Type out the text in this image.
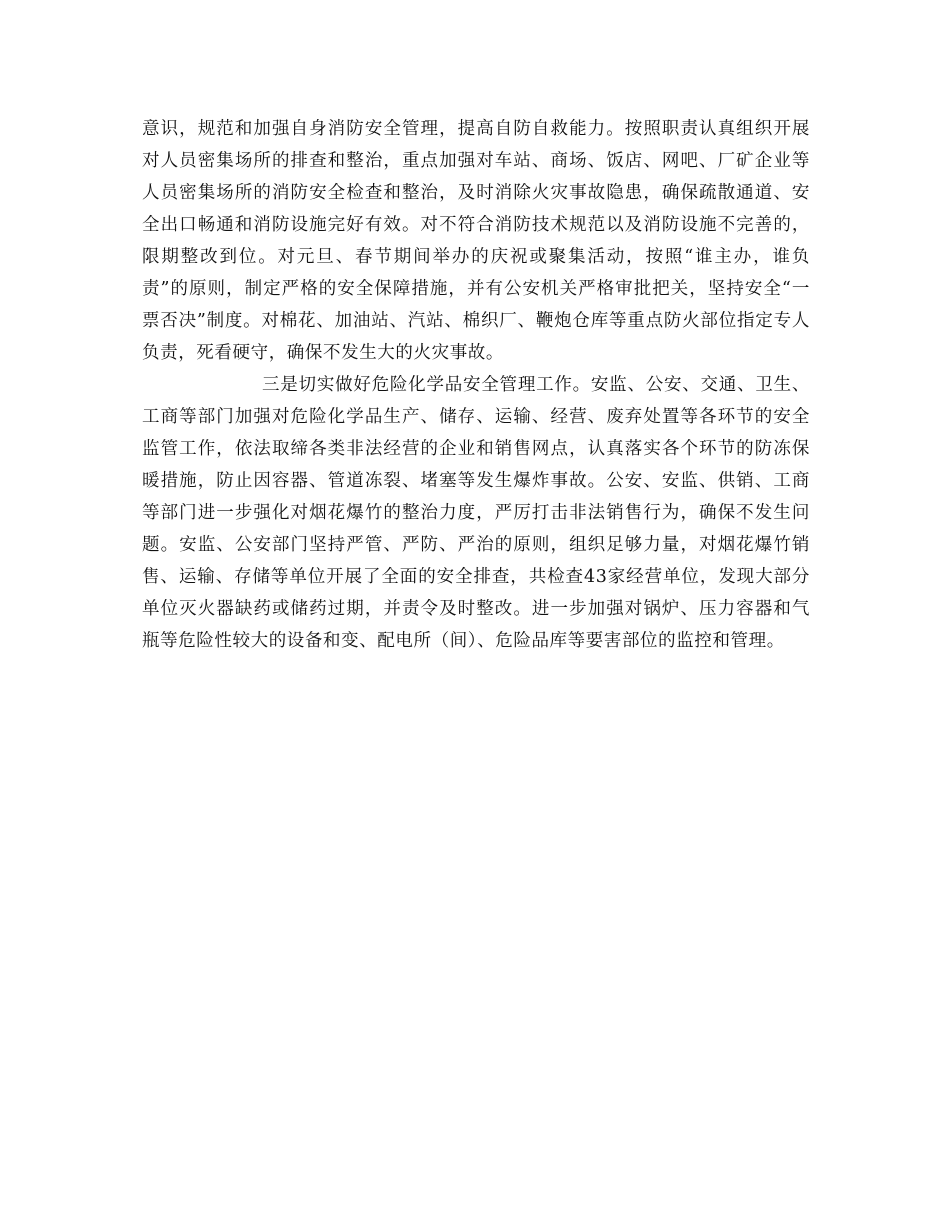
意识，规范和加强自身消防安全管理，提高自防自救能力。按照职责认真组织开展对人员密集场所的排查和整治，重点加强对车站、商场、饭店、网吧、厂矿企业等人员密集场所的消防安全检查和整治，及时消除火灾事故隐患，确保疏散通道、安全出口畅通和消防设施完好有效。对不符合消防技术规范以及消防设施不完善的，限期整改到位。对元旦、春节期间举办的庆祝或聚集活动，按照“谁主办，谁负责”的原则，制定严格的安全保障措施，并有公安机关严格审批把关，坚持安全“一票否决”制度。对棉花、加油站、汽站、棉织厂、鞭炮仓库等重点防火部位指定专人负责，死看硬守，确保不发生大的火灾事故。

三是切实做好危险化学品安全管理工作。安监、公安、交通、卫生、工商等部门加强对危险化学品生产、储存、运输、经营、废弃处置等各环节的安全监管工作，依法取缔各类非法经营的企业和销售网点，认真落实各个环节的防冻保暖措施，防止因容器、管道冻裂、堵塞等发生爆炸事故。公安、安监、供销、工商等部门进一步强化对烟花爆竹的整治力度，严厉打击非法销售行为，确保不发生问题。安监、公安部门坚持严管、严防、严治的原则，组织足够力量，对烟花爆竹销售、运输、存储等单位开展了全面的安全排查，共检查43家经营单位，发现大部分单位灭火器缺药或储药过期，并责令及时整改。进一步加强对锅炉、压力容器和气瓶等危险性较大的设备和变、配电所（间）、危险品库等要害部位的监控和管理。
